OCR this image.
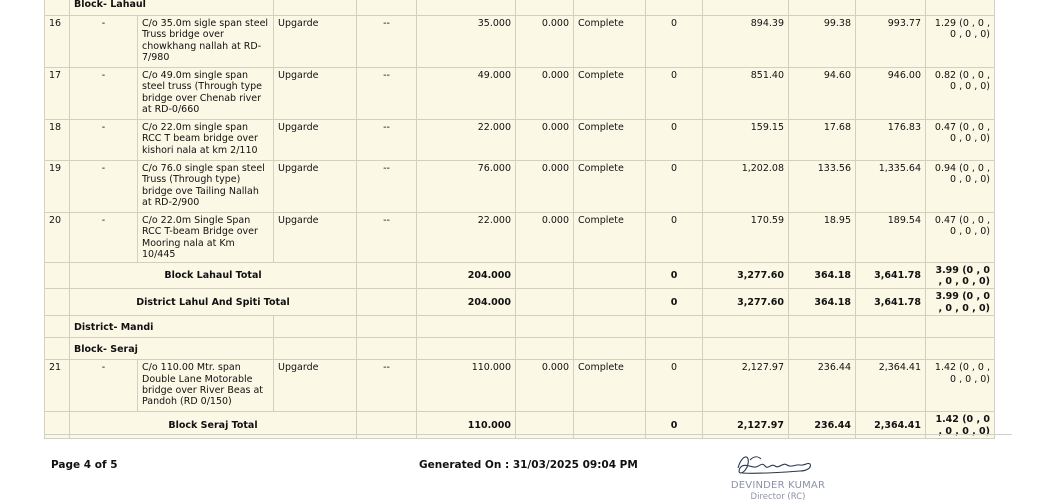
	Block- Lahaul											
16	-	C/o 35.0m sigle span steel Truss bridge over chowkhang nallah at RD-7/980	Upgarde	--	35.000	0.000	Complete	0	894.39	99.38	993.77	1.29 (0 , 0 , 0 , 0 , 0)
17	-	C/o 49.0m single span steel truss (Through type bridge over Chenab river at RD-0/660	Upgarde	--	49.000	0.000	Complete	0	851.40	94.60	946.00	0.82 (0 , 0 , 0 , 0 , 0)
18	-	C/o 22.0m single span RCC T beam bridge over kishori nala at km 2/110	Upgarde	--	22.000	0.000	Complete	0	159.15	17.68	176.83	0.47 (0 , 0 , 0 , 0 , 0)
19	-	C/o 76.0 single span steel Truss (Through type) bridge ove Tailing Nallah at RD-2/900	Upgarde	--	76.000	0.000	Complete	0	1,202.08	133.56	1,335.64	0.94 (0 , 0 , 0 , 0 , 0)
20	-	C/o 22.0m Single Span RCC T-beam Bridge over Mooring nala at Km 10/445	Upgarde	--	22.000	0.000	Complete	0	170.59	18.95	189.54	0.47 (0 , 0 , 0 , 0 , 0)
	Block Lahaul Total				204.000			0	3,277.60	364.18	3,641.78	3.99 (0 , 0 , 0 , 0 , 0)
	District Lahul And Spiti Total				204.000			0	3,277.60	364.18	3,641.78	3.99 (0 , 0 , 0 , 0 , 0)
	District- Mandi											
	Block- Seraj											
21	-	C/o 110.00 Mtr. span Double Lane Motorable bridge over River Beas at Pandoh (RD 0/150)	Upgarde	--	110.000	0.000	Complete	0	2,127.97	236.44	2,364.41	1.42 (0 , 0 , 0 , 0 , 0)
	Block Seraj Total				110.000			0	2,127.97	236.44	2,364.41	1.42 (0 , 0 , 0 , 0 , 0)
Page 4 of 5	Generated On : 31/03/2025 09:04 PM
DEVINDER KUMAR
Director (RC)
